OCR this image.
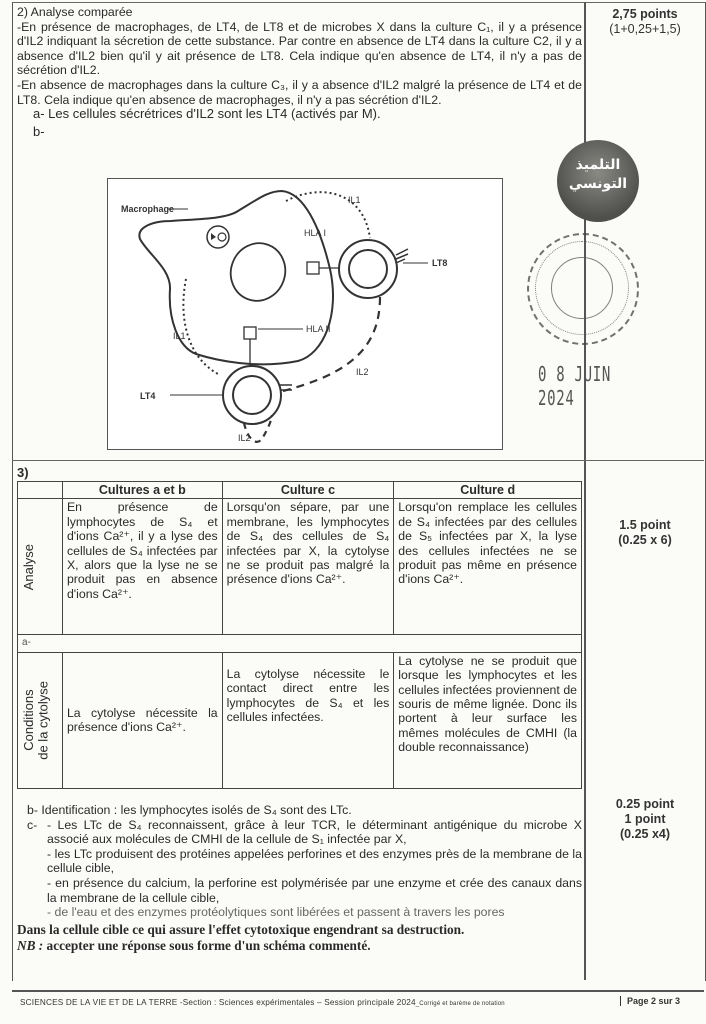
2) Analyse comparée

-En présence de macrophages, de LT4, de LT8 et de microbes X dans la culture C₁, il y a présence d'IL2 indiquant la sécretion de cette substance. Par contre en absence de LT4 dans la culture C2, il y a absence d'IL2 bien qu'il y ait présence de LT8. Cela indique qu'en absence de LT4, il n'y a pas de sécrétion d'IL2.

-En absence de macrophages dans la culture C₃, il y a absence d'IL2 malgré la présence de LT4 et de LT8. Cela indique qu'en absence de macrophages, il n'y a pas sécrétion d'IL2.

a- Les cellules sécrétrices d'IL2 sont les LT4 (activés par M).

b-

2,75 points
(1+0,25+1,5)
Macrophage
IL1
HLA I
LT8
HLA II
IL1
IL2
LT4
IL2
التلميذ
التونسي
0 8 JUIN 2024
3)
	Cultures a et b	Culture c	Culture d

Analyse	En présence de lymphocytes de S₄ et d'ions Ca²⁺, il y a lyse des cellules de S₄ infectées par X, alors que la lyse ne se produit pas en absence d'ions Ca²⁺.	Lorsqu'on sépare, par une membrane, les lymphocytes de S₄ des cellules de S₄ infectées par X, la cytolyse ne se produit pas malgré la présence d'ions Ca²⁺.	Lorsqu'on remplace les cellules de S₄ infectées par des cellules de S₅ infectées par X, la lyse des cellules infectées ne se produit pas même en présence d'ions Ca²⁺.
a-			

Conditions
de la cytolyse	La cytolyse nécessite la présence d'ions Ca²⁺.	La cytolyse nécessite le contact direct entre les lymphocytes de S₄ et les cellules infectées.	La cytolyse ne se produit que lorsque les lymphocytes et les cellules infectées proviennent de souris de même lignée. Donc ils portent à leur surface les mêmes molécules de CMHI (la double reconnaissance)
1.5 point
(0.25 x 6)

b- Identification : les lymphocytes isolés de S₄ sont des LTc.

c- - Les LTc de S₄ reconnaissent, grâce à leur TCR, le déterminant antigénique du microbe X associé aux molécules de CMHI de la cellule de S₁ infectée par X,

- les LTc produisent des protéines appelées perforines et des enzymes près de la membrane de la cellule cible,

- en présence du calcium, la perforine est polymérisée par une enzyme et crée des canaux dans la membrane de la cellule cible,

- de l'eau et des enzymes protéolytiques sont libérées et passent à travers les pores

Dans la cellule cible ce qui assure l'effet cytotoxique engendrant sa destruction.

NB : accepter une réponse sous forme d'un schéma commenté.

0.25 point
1 point
(0.25 x4)
SCIENCES DE LA VIE ET DE LA TERRE -Section : Sciences expérimentales – Session principale 2024_Corrigé et barème de notation	Page 2 sur 3
